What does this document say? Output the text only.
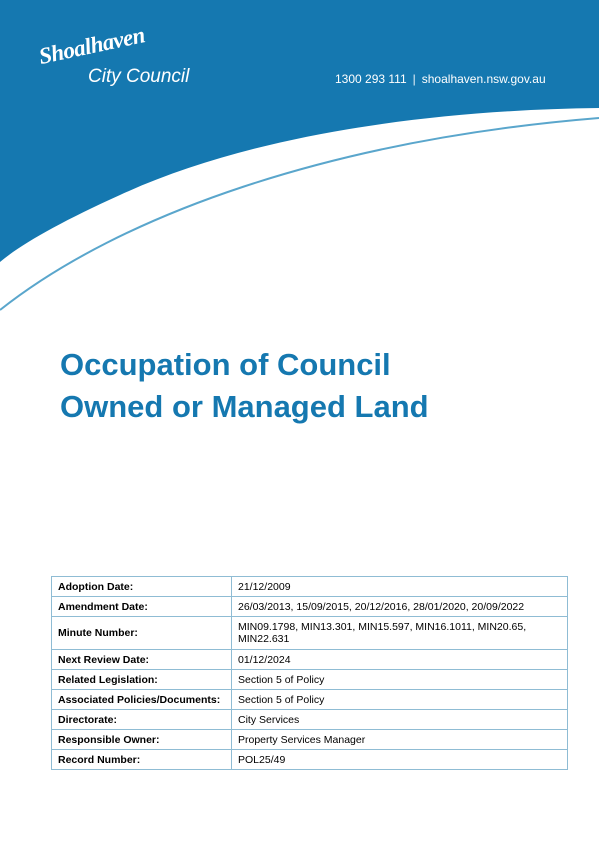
Shoalhaven
City Council	1300 293 111 | shoalhaven.nsw.gov.au
Occupation of Council
Owned or Managed Land
Adoption Date:	21/12/2009
Amendment Date:	26/03/2013, 15/09/2015, 20/12/2016, 28/01/2020, 20/09/2022
Minute Number:	MIN09.1798, MIN13.301, MIN15.597, MIN16.1011, MIN20.65, MIN22.631
Next Review Date:	01/12/2024
Related Legislation:	Section 5 of Policy
Associated Policies/Documents:	Section 5 of Policy
Directorate:	City Services
Responsible Owner:	Property Services Manager
Record Number:	POL25/49
